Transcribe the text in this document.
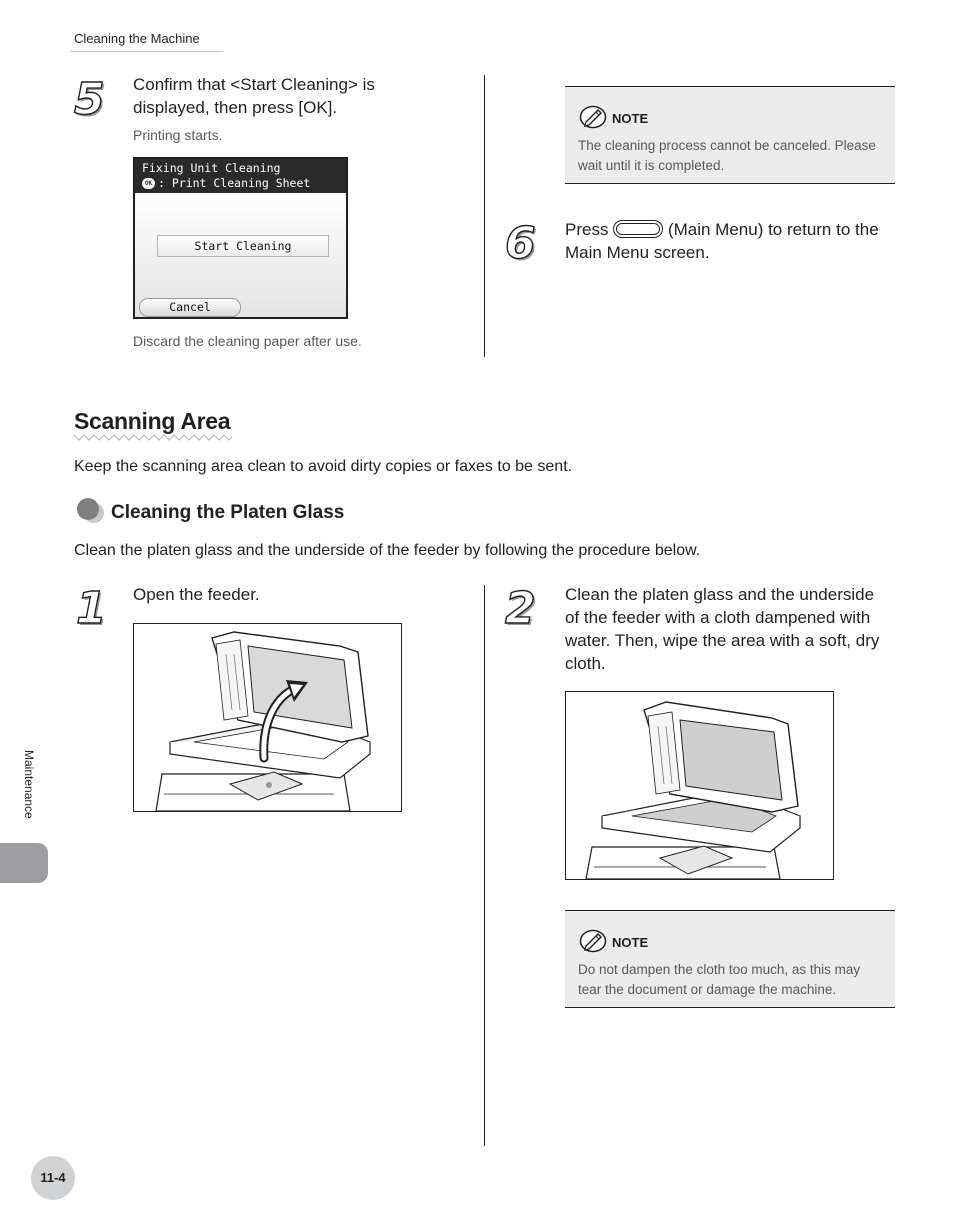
Cleaning the Machine
5 Confirm that <Start Cleaning> is
displayed, then press [OK].
Printing starts.
Fixing Unit Cleaning
OK : Print Cleaning Sheet
Start Cleaning
Cancel
Discard the cleaning paper after use.
NOTE
The cleaning process cannot be canceled. Please
wait until it is completed.
6 Press	(Main Menu) to return to the
Main Menu screen.
Scanning Area
Keep the scanning area clean to avoid dirty copies or faxes to be sent.
Cleaning the Platen Glass
Clean the platen glass and the underside of the feeder by following the procedure below.
1 Open the feeder.	2 Clean the platen glass and the underside
of the feeder with a cloth dampened with
water. Then, wipe the area with a soft, dry
cloth.
NOTE
Do not dampen the cloth too much, as this may
tear the document or damage the machine.
Maintenance
11-4
